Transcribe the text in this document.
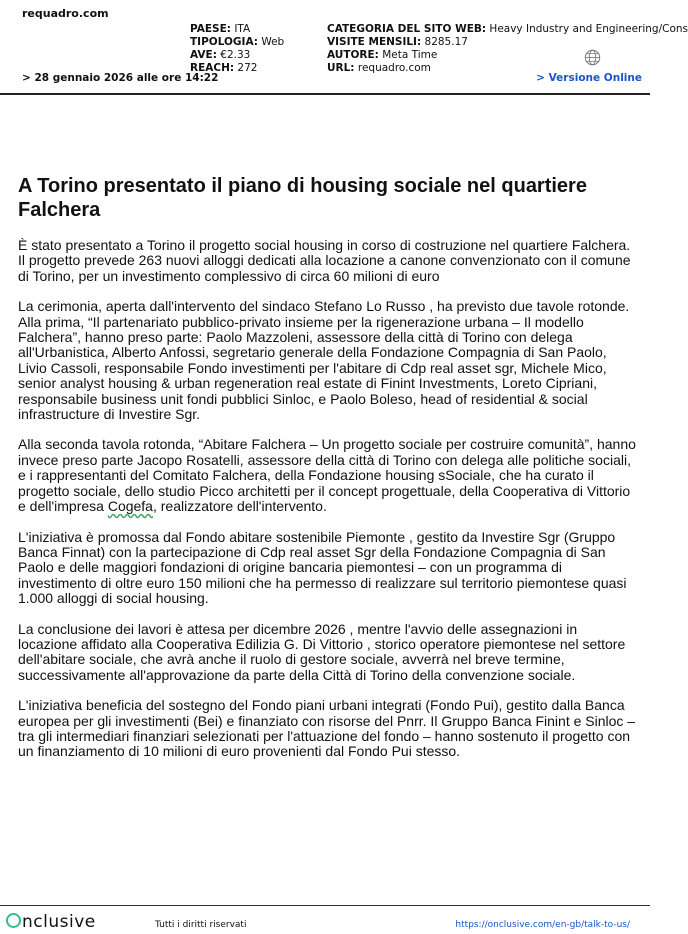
requadro.com
PAESE: ITA
TIPOLOGIA: Web
AVE: €2.33
REACH: 272
CATEGORIA DEL SITO WEB: Heavy Industry and Engineering/Cons
VISITE MENSILI: 8285.17
AUTORE: Meta Time
URL: requadro.com
> 28 gennaio 2026 alle ore 14:22	> Versione Online
A Torino presentato il piano di housing sociale nel quartiere Falchera

È stato presentato a Torino il progetto social housing in corso di costruzione nel quartiere Falchera. Il progetto prevede 263 nuovi alloggi dedicati alla locazione a canone convenzionato con il comune di Torino, per un investimento complessivo di circa 60 milioni di euro

La cerimonia, aperta dall'intervento del sindaco Stefano Lo Russo , ha previsto due tavole rotonde. Alla prima, “Il partenariato pubblico-privato insieme per la rigenerazione urbana – Il modello Falchera”, hanno preso parte: Paolo Mazzoleni, assessore della città di Torino con delega all'Urbanistica, Alberto Anfossi, segretario generale della Fondazione Compagnia di San Paolo, Livio Cassoli, responsabile Fondo investimenti per l'abitare di Cdp real asset sgr, Michele Mico, senior analyst housing & urban regeneration real estate di Finint Investments, Loreto Cipriani, responsabile business unit fondi pubblici Sinloc, e Paolo Boleso, head of residential & social infrastructure di Investire Sgr.

Alla seconda tavola rotonda, “Abitare Falchera – Un progetto sociale per costruire comunità”, hanno invece preso parte Jacopo Rosatelli, assessore della città di Torino con delega alle politiche sociali, e i rappresentanti del Comitato Falchera, della Fondazione housing sSociale, che ha curato il progetto sociale, dello studio Picco architetti per il concept progettuale, della Cooperativa di Vittorio e dell'impresa Cogefa, realizzatore dell'intervento.

L'iniziativa è promossa dal Fondo abitare sostenibile Piemonte , gestito da Investire Sgr (Gruppo Banca Finnat) con la partecipazione di Cdp real asset Sgr della Fondazione Compagnia di San Paolo e delle maggiori fondazioni di origine bancaria piemontesi – con un programma di investimento di oltre euro 150 milioni che ha permesso di realizzare sul territorio piemontese quasi 1.000 alloggi di social housing.

La conclusione dei lavori è attesa per dicembre 2026 , mentre l'avvio delle assegnazioni in locazione affidato alla Cooperativa Edilizia G. Di Vittorio , storico operatore piemontese nel settore dell'abitare sociale, che avrà anche il ruolo di gestore sociale, avverrà nel breve termine, successivamente all'approvazione da parte della Città di Torino della convenzione sociale.

L'iniziativa beneficia del sostegno del Fondo piani urbani integrati (Fondo Pui), gestito dalla Banca europea per gli investimenti (Bei) e finanziato con risorse del Pnrr. Il Gruppo Banca Finint e Sinloc – tra gli intermediari finanziari selezionati per l'attuazione del fondo – hanno sostenuto il progetto con un finanziamento di 10 milioni di euro provenienti dal Fondo Pui stesso.

nclusive	Tutti i diritti riservati	https://onclusive.com/en-gb/talk-to-us/
